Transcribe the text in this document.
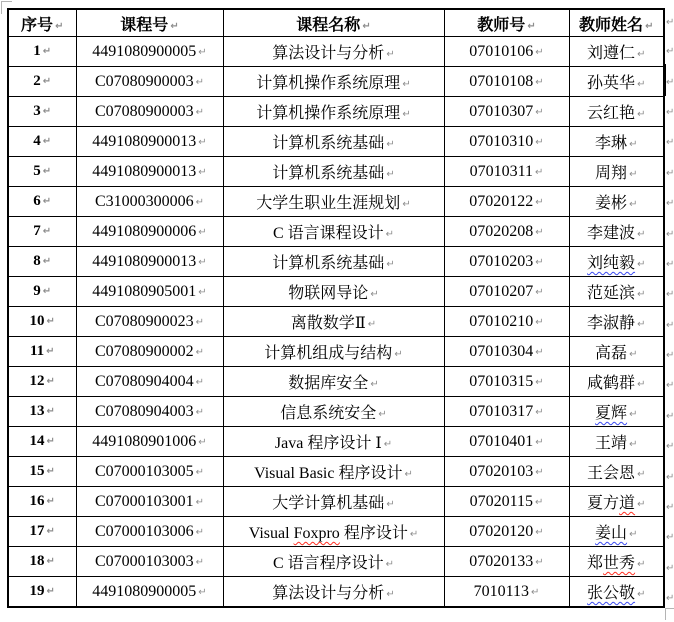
序号 ↵	课程号 ↵	课程名称 ↵	教师号 ↵	教师姓名 ↵
1 ↵	4491080900005 ↵	算法设计与分析 ↵	07010106 ↵	刘遵仁 ↵
2 ↵	C07080900003 ↵	计算机操作系统原理 ↵	07010108 ↵	孙英华 ↵
3 ↵	C07080900003 ↵	计算机操作系统原理 ↵	07010307 ↵	云红艳 ↵
4 ↵	4491080900013 ↵	计算机系统基础 ↵	07010310 ↵	李琳 ↵
5 ↵	4491080900013 ↵	计算机系统基础 ↵	07010311 ↵	周翔 ↵
6 ↵	C31000300006 ↵	大学生职业生涯规划 ↵	07020122 ↵	姜彬 ↵
7 ↵	4491080900006 ↵	C 语言课程设计 ↵	07020208 ↵	李建波 ↵
8 ↵	4491080900013 ↵	计算机系统基础 ↵	07010203 ↵	刘纯毅 ↵
9 ↵	4491080905001 ↵	物联网导论 ↵	07010207 ↵	范延滨 ↵
10 ↵	C07080900023 ↵	离散数学Ⅱ ↵	07010210 ↵	李淑静 ↵
11 ↵	C07080900002 ↵	计算机组成与结构 ↵	07010304 ↵	高磊 ↵
12 ↵	C07080904004 ↵	数据库安全 ↵	07010315 ↵	咸鹤群 ↵
13 ↵	C07080904003 ↵	信息系统安全 ↵	07010317 ↵	夏辉 ↵
14 ↵	4491080901006 ↵	Java 程序设计 Ⅰ ↵	07010401 ↵	王靖 ↵
15 ↵	C07000103005 ↵	Visual Basic 程序设计 ↵	07020103 ↵	王会恩 ↵
16 ↵	C07000103001 ↵	大学计算机基础 ↵	07020115 ↵	夏方道 ↵
17 ↵	C07000103006 ↵	Visual Foxpro 程序设计 ↵	07020120 ↵	姜山 ↵
18 ↵	C07000103003 ↵	C 语言程序设计 ↵	07020133 ↵	郑世秀 ↵
19 ↵	4491080900005 ↵	算法设计与分析 ↵	7010113 ↵	张公敬 ↵
↵
↵
↵
↵
↵
↵
↵
↵
↵
↵
↵
↵
↵
↵
↵
↵
↵
↵
↵
↵
